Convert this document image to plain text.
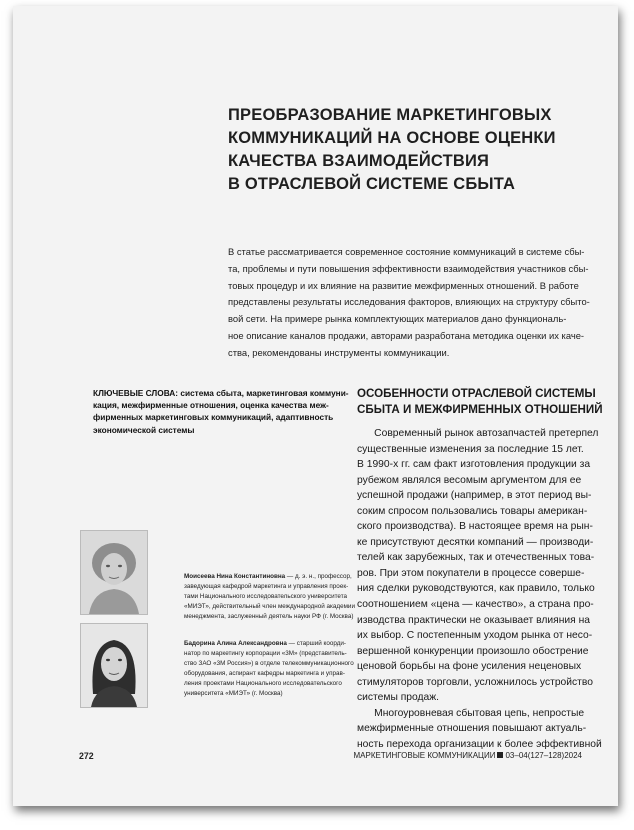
ПРЕОБРАЗОВАНИЕ МАРКЕТИНГОВЫХ
КОММУНИКАЦИЙ НА ОСНОВЕ ОЦЕНКИ
КАЧЕСТВА ВЗАИМОДЕЙСТВИЯ
В ОТРАСЛЕВОЙ СИСТЕМЕ СБЫТА
В статье рассматривается современное состояние коммуникаций в системе сбы-
та, проблемы и пути повышения эффективности взаимодействия участников сбы-
товых процедур и их влияние на развитие межфирменных отношений. В работе
представлены результаты исследования факторов, влияющих на структуру сбыто-
вой сети. На примере рынка комплектующих материалов дано функциональ-
ное описание каналов продажи, авторами разработана методика оценки их каче-
ства, рекомендованы инструменты коммуникации.
КЛЮЧЕВЫЕ СЛОВА: система сбыта, маркетинговая коммуни-
кация, межфирменные отношения, оценка качества меж-
фирменных маркетинговых коммуникаций, адаптивность
экономической системы
ОСОБЕННОСТИ ОТРАСЛЕВОЙ СИСТЕМЫ
СБЫТА И МЕЖФИРМЕННЫХ ОТНОШЕНИЙ
Современный рынок автозапчастей претерпел
существенные изменения за последние 15 лет.
В 1990-х гг. сам факт изготовления продукции за
рубежом являлся весомым аргументом для ее
успешной продажи (например, в этот период вы-
соким спросом пользовались товары американ-
ского производства). В настоящее время на рын-
ке присутствуют десятки компаний — производи-
телей как зарубежных, так и отечественных това-
ров. При этом покупатели в процессе соверше-
ния сделки руководствуются, как правило, только
соотношением «цена — качество», а страна про-
изводства практически не оказывает влияния на
их выбор. С постепенным уходом рынка от несо-
вершенной конкуренции произошло обострение
ценовой борьбы на фоне усиления неценовых
стимуляторов торговли, усложнилось устройство
системы продаж.
Многоуровневая сбытовая цепь, непростые
межфирменные отношения повышают актуаль-
ность перехода организации к более эффективной
Моисеева Нина Константиновна — д. э. н., профессор,
заведующая кафедрой маркетинга и управления проек-
тами Национального исследовательского университета
«МИЭТ», действительный член международной академии
менеджмента, заслуженный деятель науки РФ (г. Москва)
Бадорина Алина Александровна — старший коорди-
натор по маркетингу корпорации «3М» (представитель-
ство ЗАО «3М Россия») в отделе телекоммуникационного
оборудования, аспирант кафедры маркетинга и управ-
ления проектами Национального исследовательского
университета «МИЭТ» (г. Москва)
272	МАРКЕТИНГОВЫЕ КОММУНИКАЦИИ 03–04(127–128)2024
